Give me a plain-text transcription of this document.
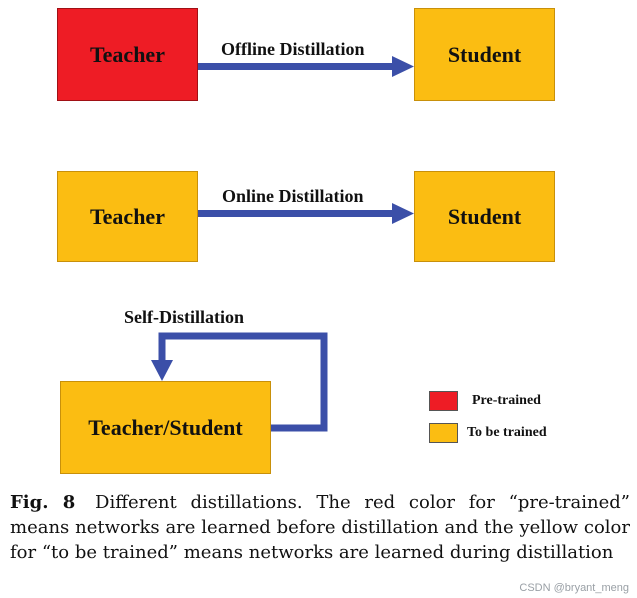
Teacher	Student
Offline Distillation
Teacher	Student
Online Distillation
Self-Distillation
Teacher/Student
Pre-trained
To be trained
Fig. 8 Different distillations. The red color for “pre-trained” means networks are learned before distillation and the yellow color for “to be trained” means networks are learned during distillation
CSDN @bryant_meng
